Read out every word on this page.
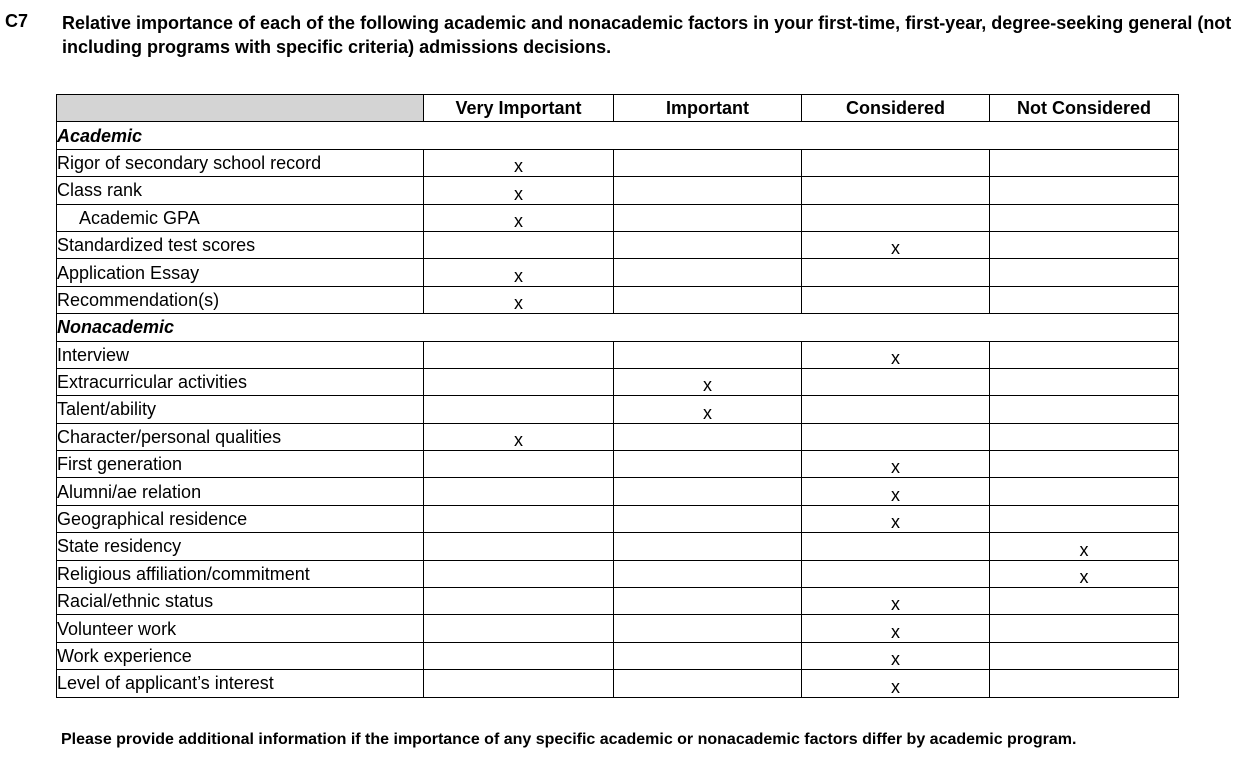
C7 Relative importance of each of the following academic and nonacademic factors in your first-time, first-year, degree-seeking general (not including programs with specific criteria) admissions decisions.
	Very Important	Important	Considered	Not Considered
Academic				
Rigor of secondary school record	x			
Class rank	x			
Academic GPA	x			
Standardized test scores			x	
Application Essay	x			
Recommendation(s)	x			
Nonacademic				
Interview			x	
Extracurricular activities		x		
Talent/ability		x		
Character/personal qualities	x			
First generation			x	
Alumni/ae relation			x	
Geographical residence			x	
State residency				x
Religious affiliation/commitment				x
Racial/ethnic status			x	
Volunteer work			x	
Work experience			x	
Level of applicant’s interest			x	
Please provide additional information if the importance of any specific academic or nonacademic factors differ by academic program.
